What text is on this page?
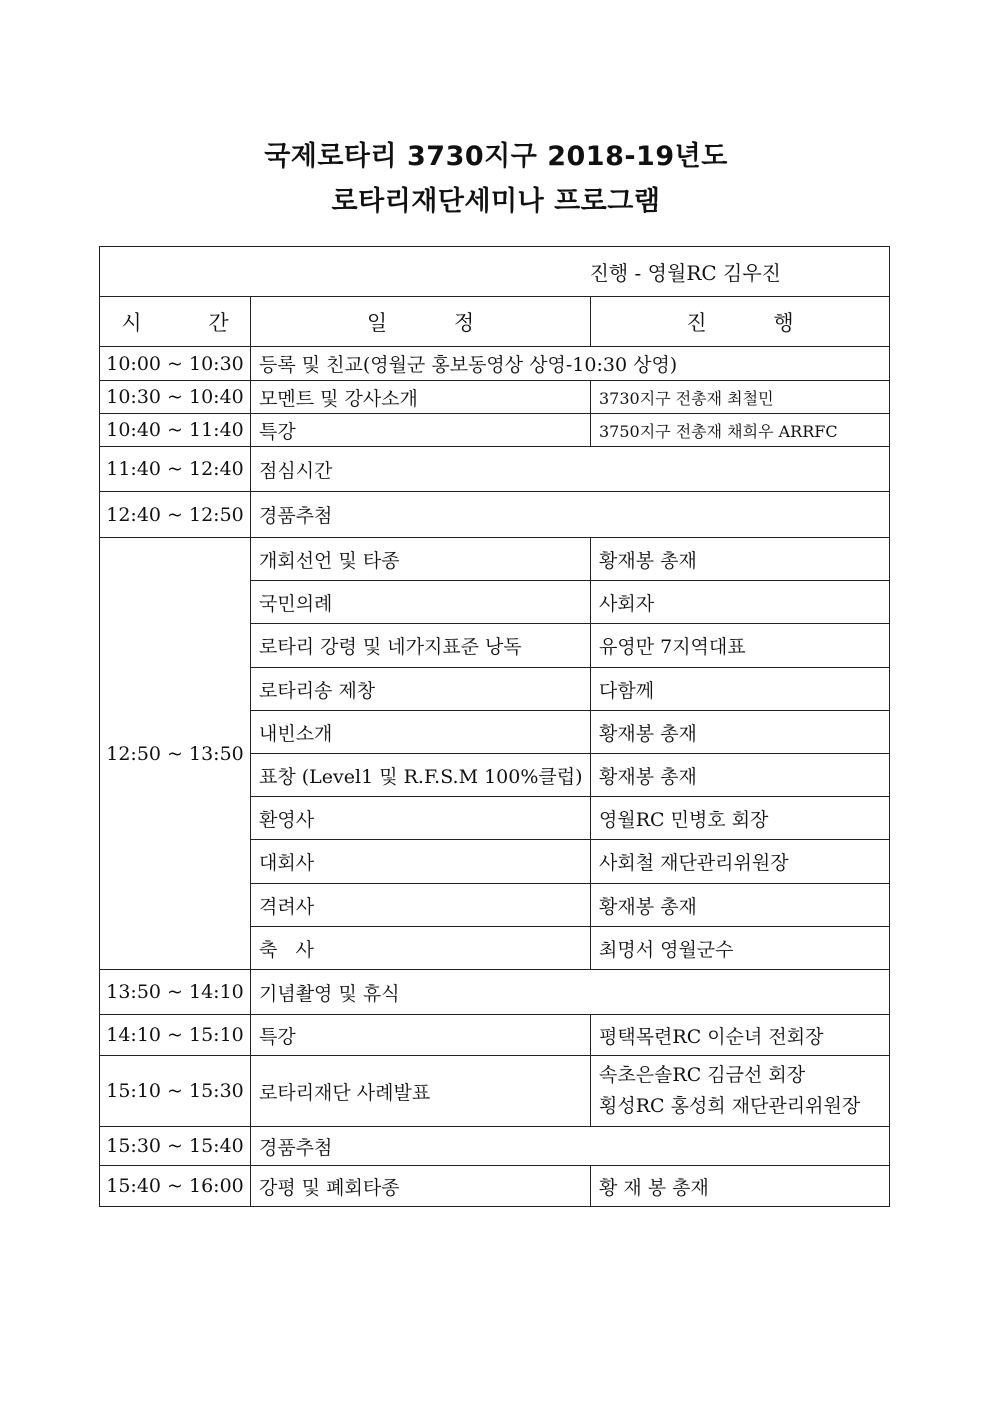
국제로타리 3730지구 2018-19년도
로타리재단세미나 프로그램
진행 - 영월RC 김우진		
시          간	일          정	진          행
10:00 ~ 10:30	등록 및 친교(영월군 홍보동영상 상영-10:30 상영)	
10:30 ~ 10:40	모멘트 및 강사소개	3730지구 전총재 최철민
10:40 ~ 11:40	특강	3750지구 전총재 채희우 ARRFC
11:40 ~ 12:40	점심시간	
12:40 ~ 12:50	경품추첨	
12:50 ~ 13:50	개회선언 및 타종	황재봉 총재
	국민의례	사회자
	로타리 강령 및 네가지표준 낭독	유영만 7지역대표
	로타리송 제창	다함께
	내빈소개	황재봉 총재
	표창 (Level1 및 R.F.S.M 100%클럽)	황재봉 총재
	환영사	영월RC 민병호 회장
	대회사	사회철 재단관리위원장
	격려사	황재봉 총재
	축   사	최명서 영월군수
13:50 ~ 14:10	기념촬영 및 휴식	
14:10 ~ 15:10	특강	평택목련RC 이순녀 전회장
15:10 ~ 15:30	로타리재단 사례발표	속초은솔RC 김금선 회장
횡성RC 홍성희 재단관리위원장

15:30 ~ 15:40	경품추첨	
15:40 ~ 16:00	강평 및 폐회타종	황 재 봉 총재
